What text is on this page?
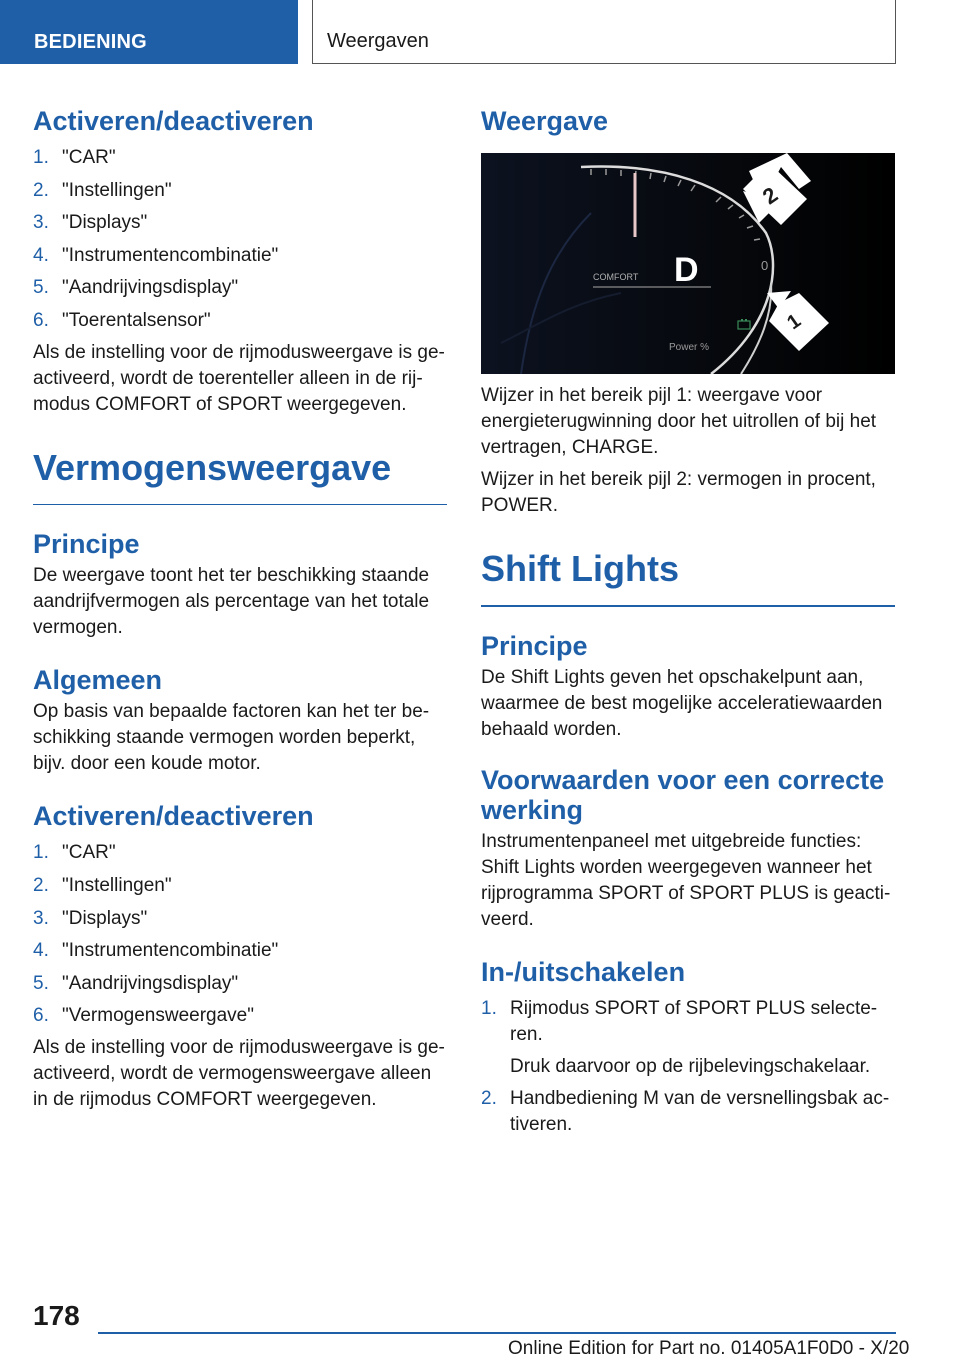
BEDIENING	Weergaven
Activeren/deactiveren
1. "CAR"
2. "Instellingen"
3. "Displays"
4. "Instrumentencombinatie"
5. "Aandrijvingsdisplay"
6. "Toerentalsensor"
Als de instelling voor de rijmodusweergave is geactiveerd, wordt de toerenteller alleen in de rijmodus COMFORT of SPORT weergegeven.
Vermogensweergave
Principe
De weergave toont het ter beschikking staande aandrijfvermogen als percentage van het totale vermogen.
Algemeen
Op basis van bepaalde factoren kan het ter beschikking staande vermogen worden beperkt, bijv. door een koude motor.
Activeren/deactiveren
1. "CAR"
2. "Instellingen"
3. "Displays"
4. "Instrumentencombinatie"
5. "Aandrijvingsdisplay"
6. "Vermogensweergave"
Als de instelling voor de rijmodusweergave is geactiveerd, wordt de vermogensweergave alleen in de rijmodus COMFORT weergegeven.
Weergave
COMFORT D	0
Power %
2
1
Wijzer in het bereik pijl 1: weergave voor energieterugwinning door het uitrollen of bij het vertragen, CHARGE.
Wijzer in het bereik pijl 2: vermogen in procent, POWER.
Shift Lights
Principe
De Shift Lights geven het opschakelpunt aan, waarmee de best mogelijke acceleratiewaarden behaald worden.
Voorwaarden voor een correcte werking
Instrumentenpaneel met uitgebreide functies: Shift Lights worden weergegeven wanneer het rijprogramma SPORT of SPORT PLUS is geactiveerd.
In-/uitschakelen
1. Rijmodus SPORT of SPORT PLUS selecteren.
Druk daarvoor op de rijbelevingschakelaar.
2. Handbediening M van de versnellingsbak activeren.
178
Online Edition for Part no. 01405A1F0D0 - X/20
